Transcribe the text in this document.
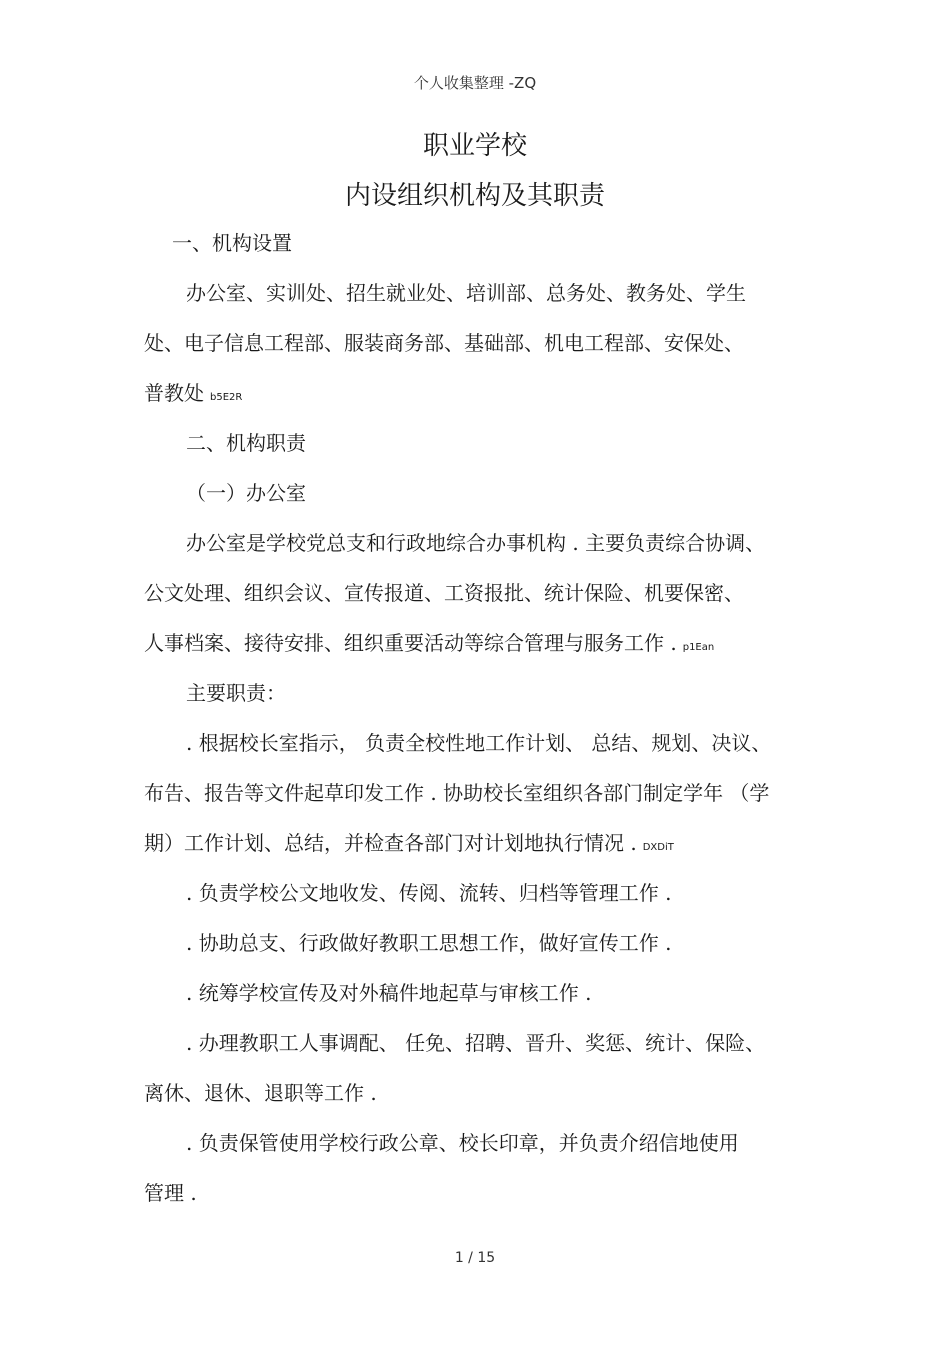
个人收集整理 -ZQ
职业学校
内设组织机构及其职责
一、机构设置
办公室、实训处、招生就业处、培训部、总务处、教务处、学生
处、电子信息工程部、服装商务部、基础部、机电工程部、安保处、
普教处 b5E2R
二、机构职责
（一）办公室
办公室是学校党总支和行政地综合办事机构 . 主要负责综合协调、
公文处理、组织会议、宣传报道、工资报批、统计保险、机要保密、
人事档案、接待安排、组织重要活动等综合管理与服务工作 . p1Ean
主要职责：
. 根据校长室指示， 负责全校性地工作计划、 总结、规划、决议、
布告、报告等文件起草印发工作 . 协助校长室组织各部门制定学年 （学
期）工作计划、总结，并检查各部门对计划地执行情况 . DXDiT
. 负责学校公文地收发、传阅、流转、归档等管理工作 .
. 协助总支、行政做好教职工思想工作，做好宣传工作 .
. 统筹学校宣传及对外稿件地起草与审核工作 .
. 办理教职工人事调配、 任免、招聘、晋升、奖惩、统计、保险、
离休、退休、退职等工作 .
. 负责保管使用学校行政公章、校长印章，并负责介绍信地使用
管理 .
1 / 15
